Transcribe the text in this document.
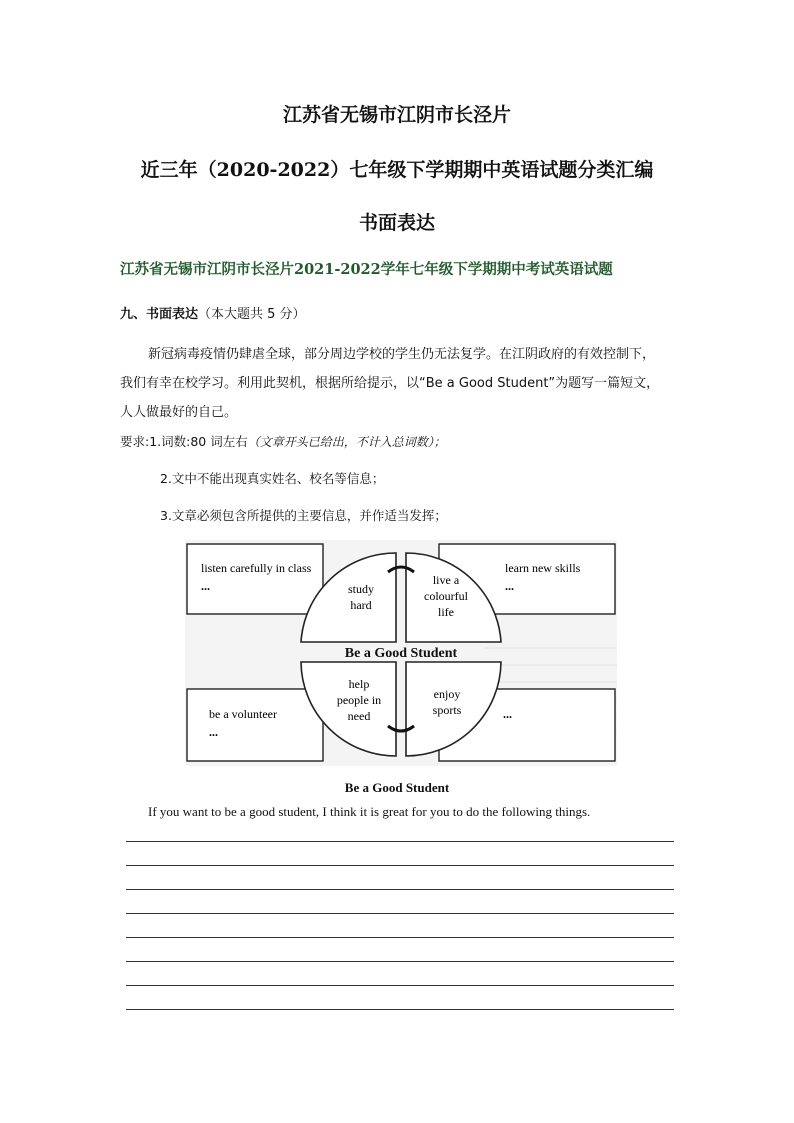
江苏省无锡市江阴市长泾片
近三年（2020-2022）七年级下学期期中英语试题分类汇编
书面表达
江苏省无锡市江阴市长泾片2021-2022学年七年级下学期期中考试英语试题
九、书面表达（本大题共 5 分）
新冠病毒疫情仍肆虐全球，部分周边学校的学生仍无法复学。在江阴政府的有效控制下，
我们有幸在校学习。利用此契机，根据所给提示，以“Be a Good Student”为题写一篇短文，
人人做最好的自己。
要求:1.词数:80 词左右（文章开头已给出，不计入总词数）；
2.文中不能出现真实姓名、校名等信息；
3.文章必须包含所提供的主要信息，并作适当发挥；
Be a Good Student
study
hard
live a
colourful
life
help
people in
need
enjoy
sports
listen carefully in class
...
learn new skills
...
be a volunteer
...
...
Be a Good Student
If you want to be a good student, I think it is great for you to do the following things.
